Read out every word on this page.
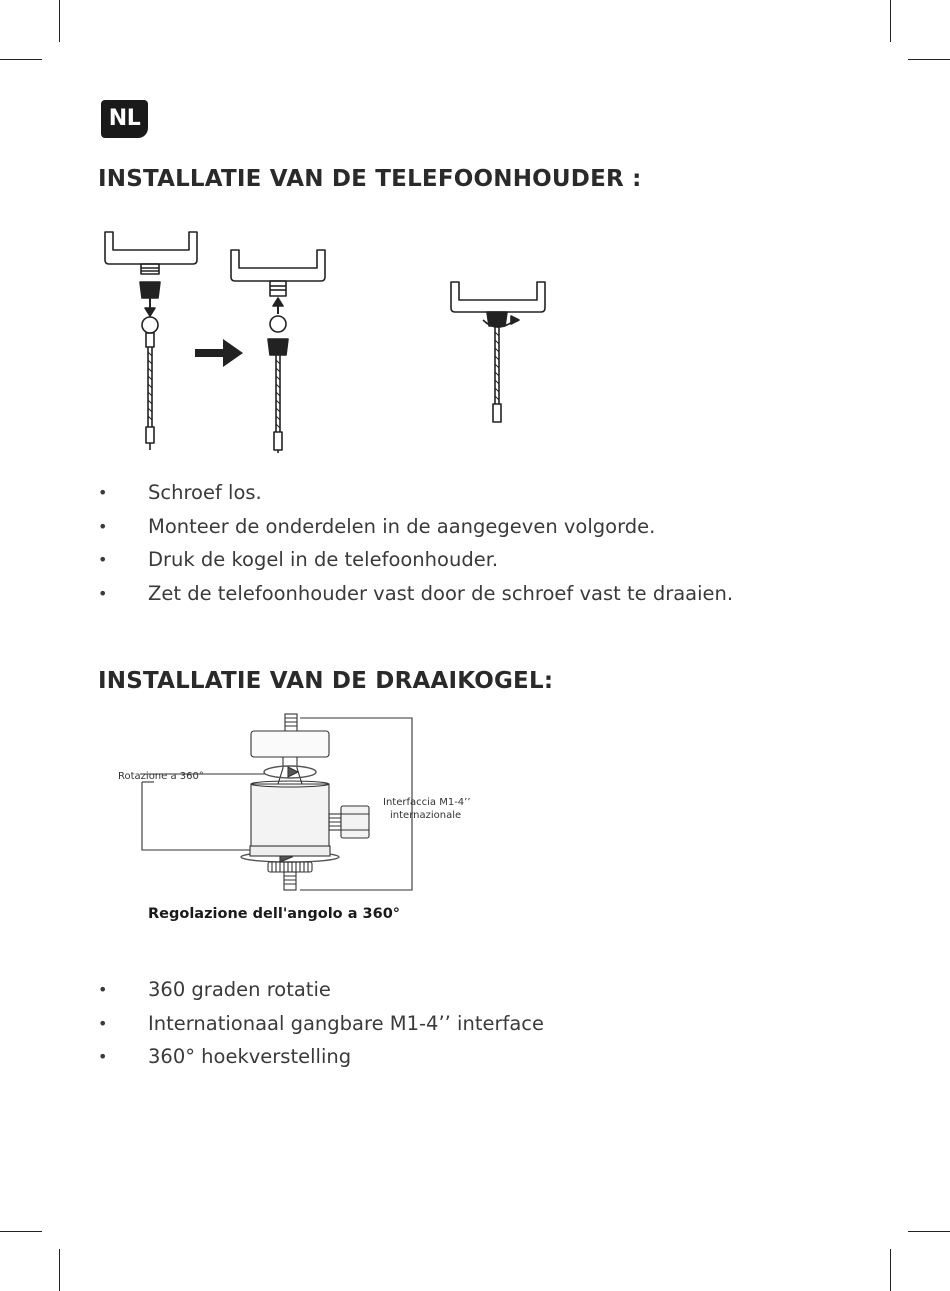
NL
INSTALLATIE VAN DE TELEFOONHOUDER :
• Schroef los.
• Monteer de onderdelen in de aangegeven volgorde.
• Druk de kogel in de telefoonhouder.
• Zet de telefoonhouder vast door de schroef vast te draaien.
INSTALLATIE VAN DE DRAAIKOGEL:
Rotazione a 360°
Interfaccia M1-4’’
internazionale

Regolazione dell'angolo a 360°

• 360 graden rotatie
• Internationaal gangbare M1-4’’ interface
• 360° hoekverstelling
